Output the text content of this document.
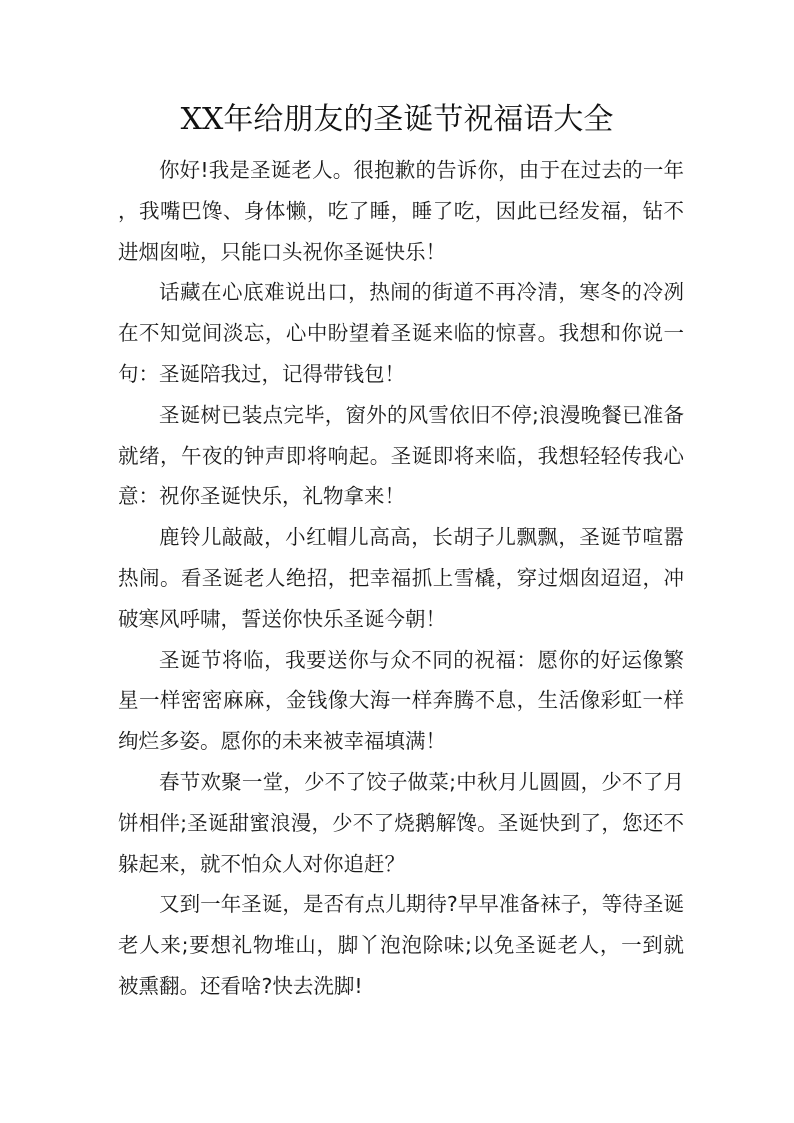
XX年给朋友的圣诞节祝福语大全

你好!我是圣诞老人。很抱歉的告诉你，由于在过去的一年，我嘴巴馋、身体懒，吃了睡，睡了吃，因此已经发福，钻不进烟囱啦，只能口头祝你圣诞快乐！

话藏在心底难说出口，热闹的街道不再冷清，寒冬的冷冽在不知觉间淡忘，心中盼望着圣诞来临的惊喜。我想和你说一句：圣诞陪我过，记得带钱包！

圣诞树已装点完毕，窗外的风雪依旧不停;浪漫晚餐已准备就绪，午夜的钟声即将响起。圣诞即将来临，我想轻轻传我心意：祝你圣诞快乐，礼物拿来！

鹿铃儿敲敲，小红帽儿高高，长胡子儿飘飘，圣诞节喧嚣热闹。看圣诞老人绝招，把幸福抓上雪橇，穿过烟囱迢迢，冲破寒风呼啸，誓送你快乐圣诞今朝！

圣诞节将临，我要送你与众不同的祝福：愿你的好运像繁星一样密密麻麻，金钱像大海一样奔腾不息，生活像彩虹一样绚烂多姿。愿你的未来被幸福填满！

春节欢聚一堂，少不了饺子做菜;中秋月儿圆圆，少不了月饼相伴;圣诞甜蜜浪漫，少不了烧鹅解馋。圣诞快到了，您还不躲起来，就不怕众人对你追赶？

又到一年圣诞，是否有点儿期待?早早准备袜子，等待圣诞老人来;要想礼物堆山，脚丫泡泡除味;以免圣诞老人，一到就被熏翻。还看啥?快去洗脚!
